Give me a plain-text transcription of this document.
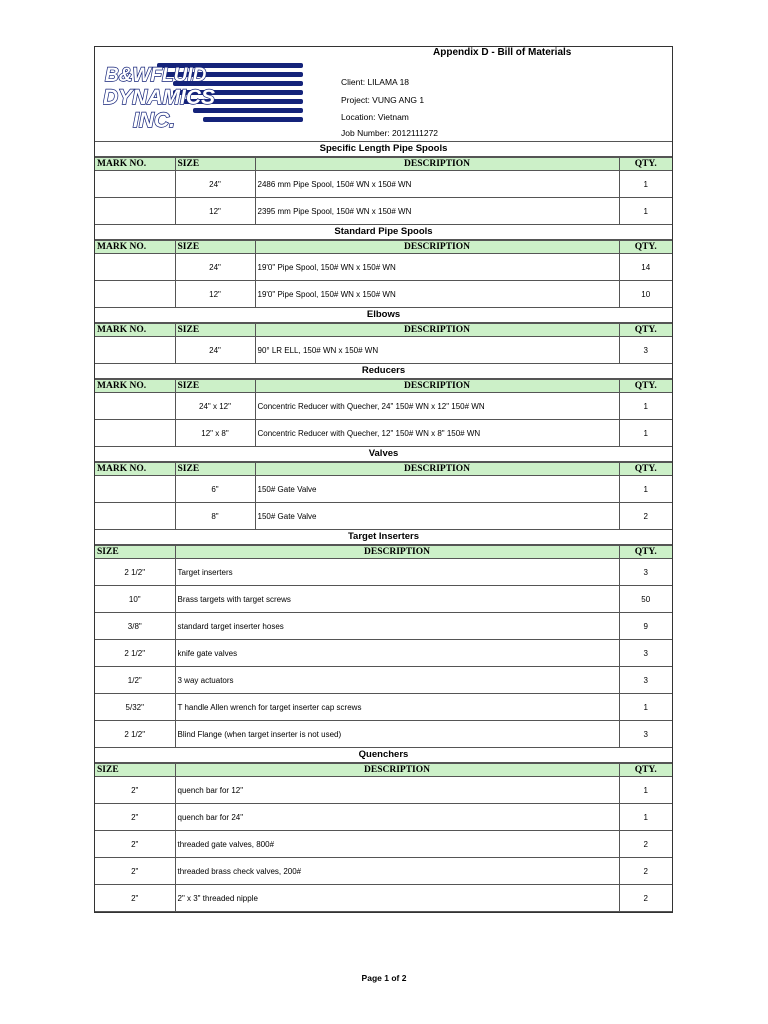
Appendix D - Bill of Materials
B&WFLUID
DYNAMICS
INC.
Client: LILAMA 18
Project: VUNG ANG 1
Location: Vietnam
Job Number: 2012111272
Specific Length Pipe Spools
MARK NO.	SIZE	DESCRIPTION	QTY.
	24"	2486 mm Pipe Spool, 150# WN x 150# WN	1
	12"	2395 mm Pipe Spool, 150# WN x 150# WN	1
Standard Pipe Spools
MARK NO.	SIZE	DESCRIPTION	QTY.
	24"	19'0" Pipe Spool, 150# WN x 150# WN	14
	12"	19'0" Pipe Spool, 150# WN x 150# WN	10
Elbows
MARK NO.	SIZE	DESCRIPTION	QTY.
	24"	90° LR ELL, 150# WN x 150# WN	3
Reducers
MARK NO.	SIZE	DESCRIPTION	QTY.
	24" x 12"	Concentric Reducer with Quecher, 24" 150# WN x 12" 150# WN	1
	12" x 8"	Concentric Reducer with Quecher, 12" 150# WN x 8" 150# WN	1
Valves
MARK NO.	SIZE	DESCRIPTION	QTY.
	6"	150# Gate Valve	1
	8"	150# Gate Valve	2
Target Inserters
SIZE	DESCRIPTION	QTY.
2 1/2"	Target inserters	3
10"	Brass targets with target screws	50
3/8"	standard target inserter hoses	9
2 1/2"	knife gate valves	3
1/2"	3 way actuators	3
5/32"	T handle Allen wrench for target inserter cap screws	1
2 1/2"	Blind Flange (when target inserter is not used)	3
Quenchers
SIZE	DESCRIPTION	QTY.
2"	quench bar for 12"	1
2"	quench bar for 24"	1
2"	threaded gate valves, 800#	2
2"	threaded brass check valves, 200#	2
2"	2" x 3" threaded nipple	2
Page 1 of 2
